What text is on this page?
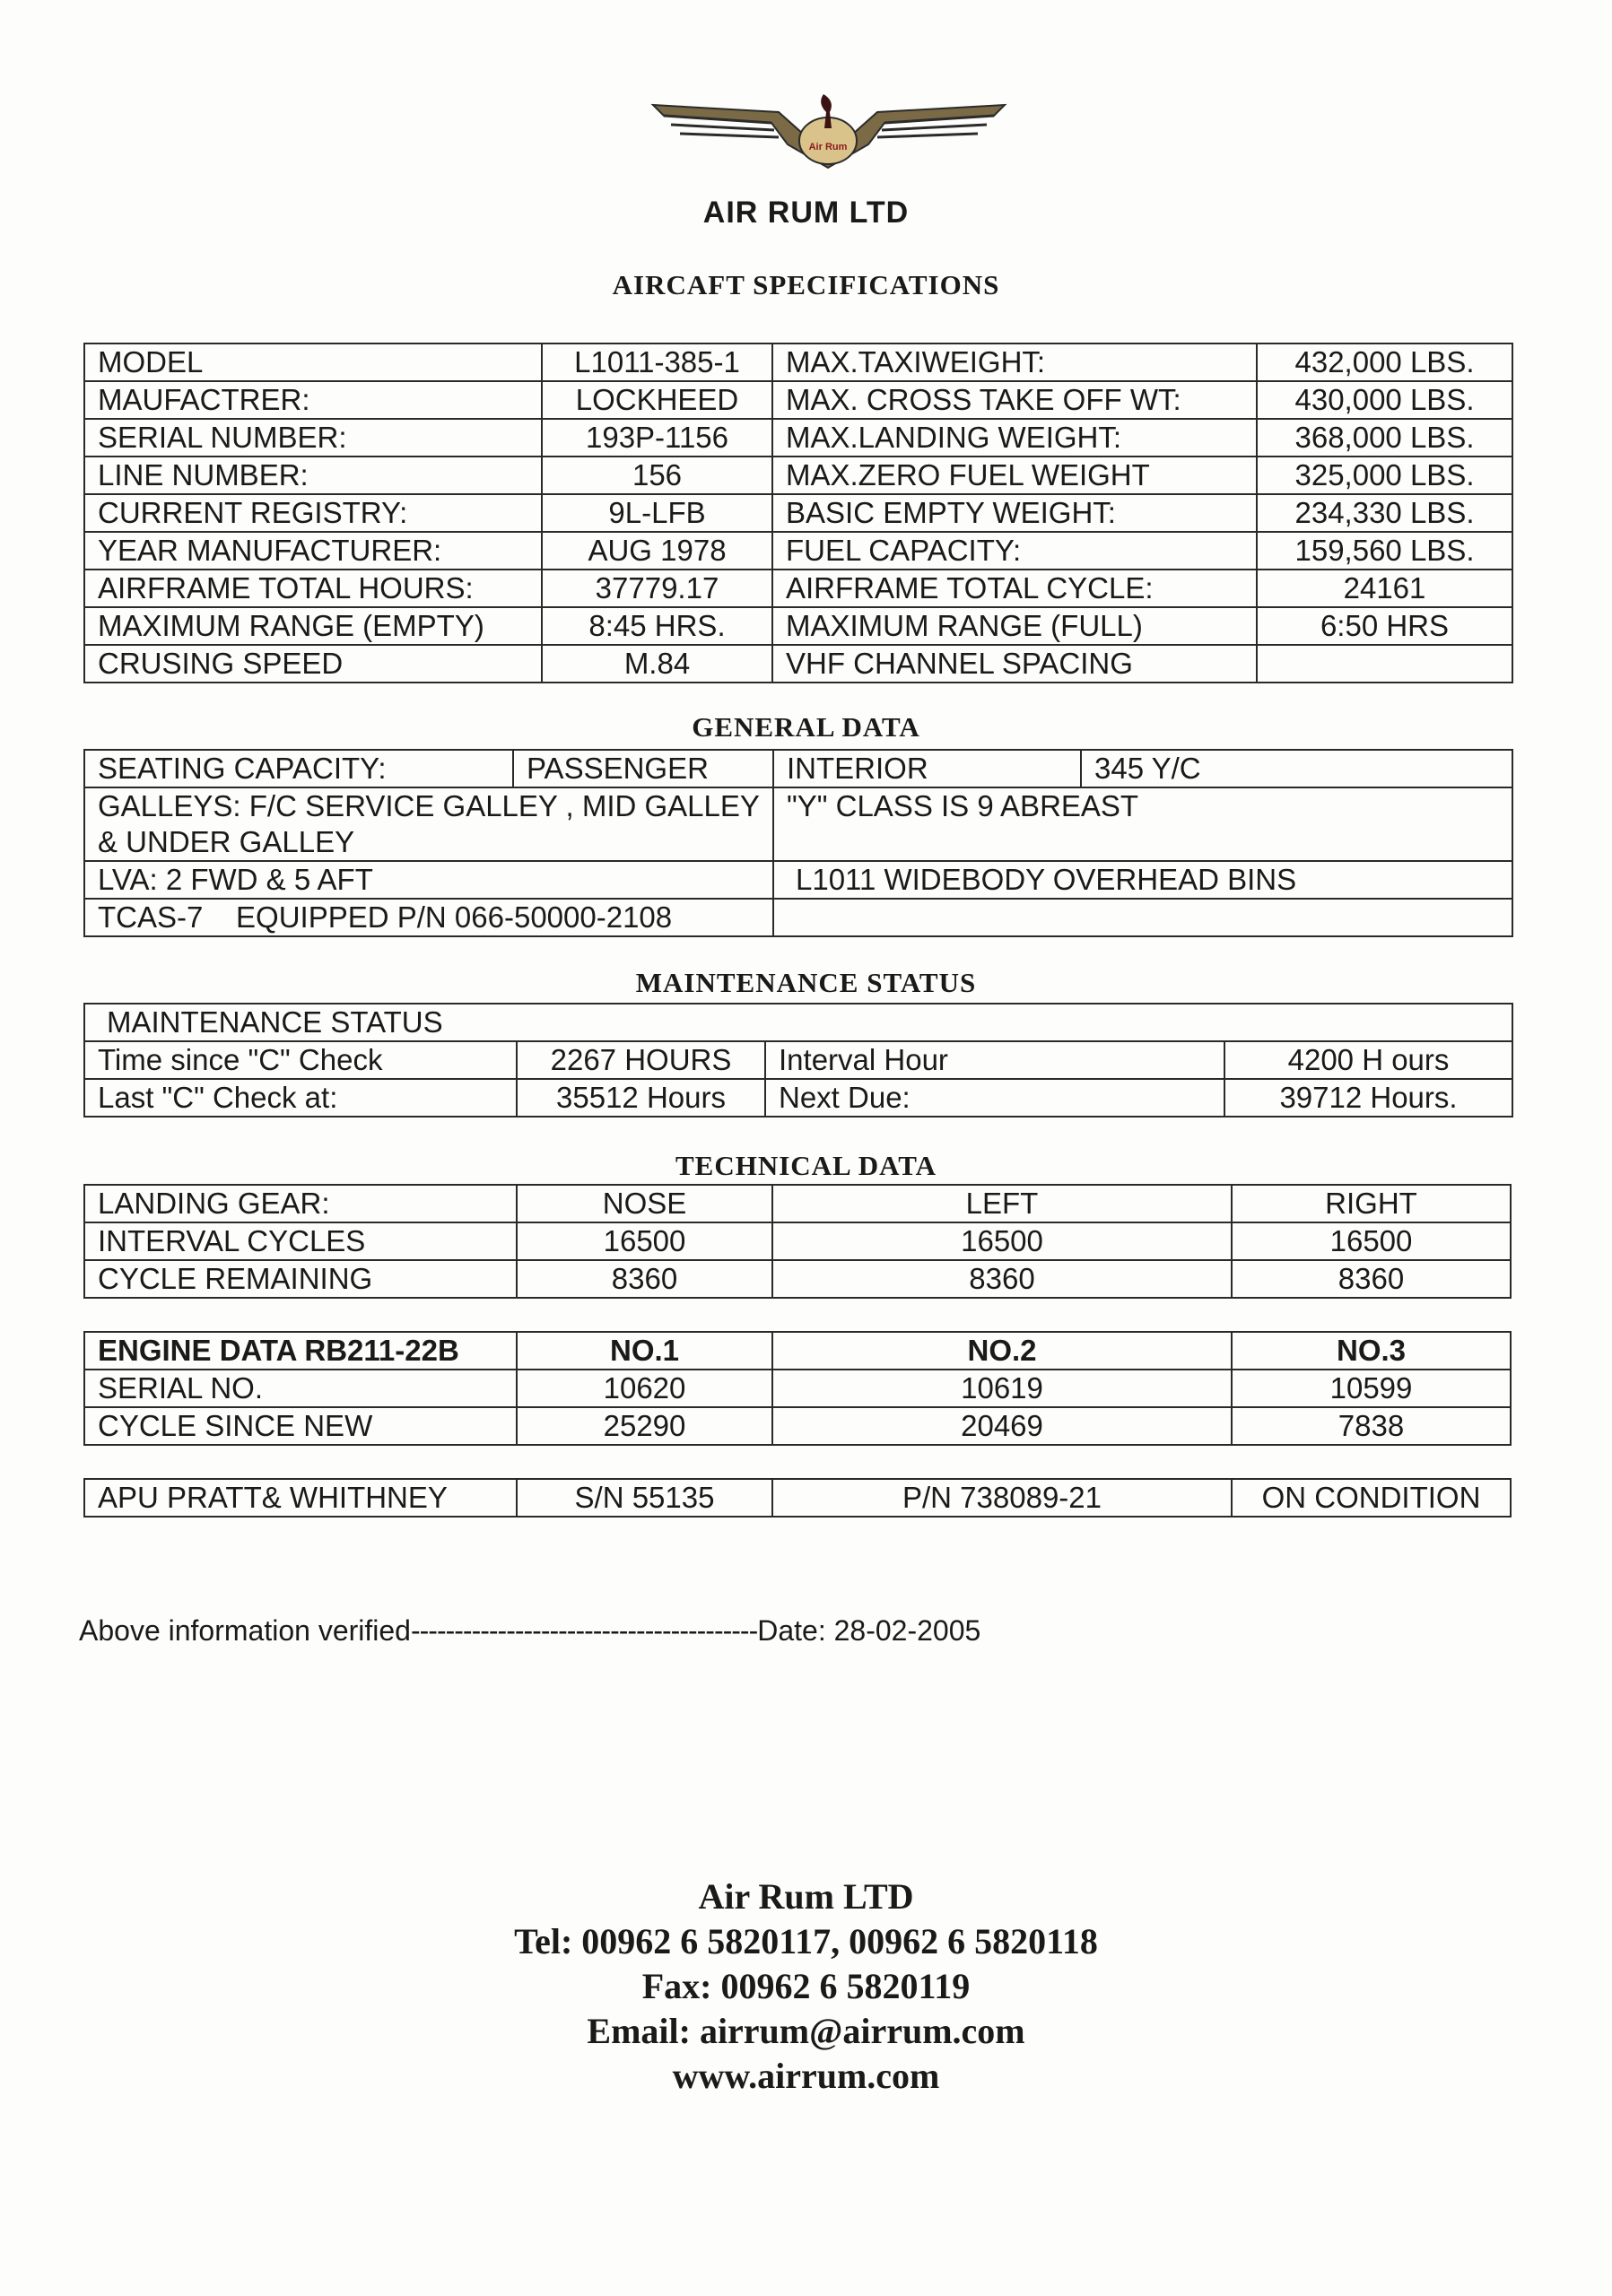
Air Rum
AIR RUM LTD
AIRCAFT SPECIFICATIONS
MODEL	L1011-385-1	MAX.TAXIWEIGHT:	432,000 LBS.
MAUFACTRER:	LOCKHEED	MAX. CROSS TAKE OFF WT:	430,000 LBS.
SERIAL NUMBER:	193P-1156	MAX.LANDING WEIGHT:	368,000 LBS.
LINE NUMBER:	156	MAX.ZERO FUEL WEIGHT	325,000 LBS.
CURRENT REGISTRY:	9L-LFB	BASIC EMPTY WEIGHT:	234,330 LBS.
YEAR MANUFACTURER:	AUG 1978	FUEL CAPACITY:	159,560 LBS.
AIRFRAME TOTAL HOURS:	37779.17	AIRFRAME TOTAL CYCLE:	24161
MAXIMUM RANGE (EMPTY)	8:45 HRS.	MAXIMUM RANGE (FULL)	6:50 HRS
CRUSING SPEED	M.84	VHF CHANNEL SPACING	
GENERAL DATA
SEATING CAPACITY:	PASSENGER	INTERIOR	345 Y/C
GALLEYS: F/C SERVICE GALLEY , MID GALLEY & UNDER GALLEY		"Y" CLASS IS 9 ABREAST	
LVA: 2 FWD & 5 AFT		L1011 WIDEBODY OVERHEAD BINS	
TCAS-7    EQUIPPED P/N 066-50000-2108			
MAINTENANCE STATUS
MAINTENANCE STATUS			
Time since "C" Check	2267 HOURS	Interval Hour	4200 H ours
Last "C" Check at:	35512 Hours	Next Due:	39712 Hours.
TECHNICAL DATA
LANDING GEAR:	NOSE	LEFT	RIGHT
INTERVAL CYCLES	16500	16500	16500
CYCLE REMAINING	8360	8360	8360
ENGINE DATA RB211-22B	NO.1	NO.2	NO.3
SERIAL NO.	10620	10619	10599
CYCLE SINCE NEW	25290	20469	7838
APU PRATT& WHITHNEY	S/N 55135	P/N 738089-21	ON CONDITION
Above information verified----------------------------------------Date: 28-02-2005
Air Rum LTD
Tel: 00962 6 5820117, 00962 6 5820118
Fax: 00962 6 5820119
Email: airrum@airrum.com
www.airrum.com
